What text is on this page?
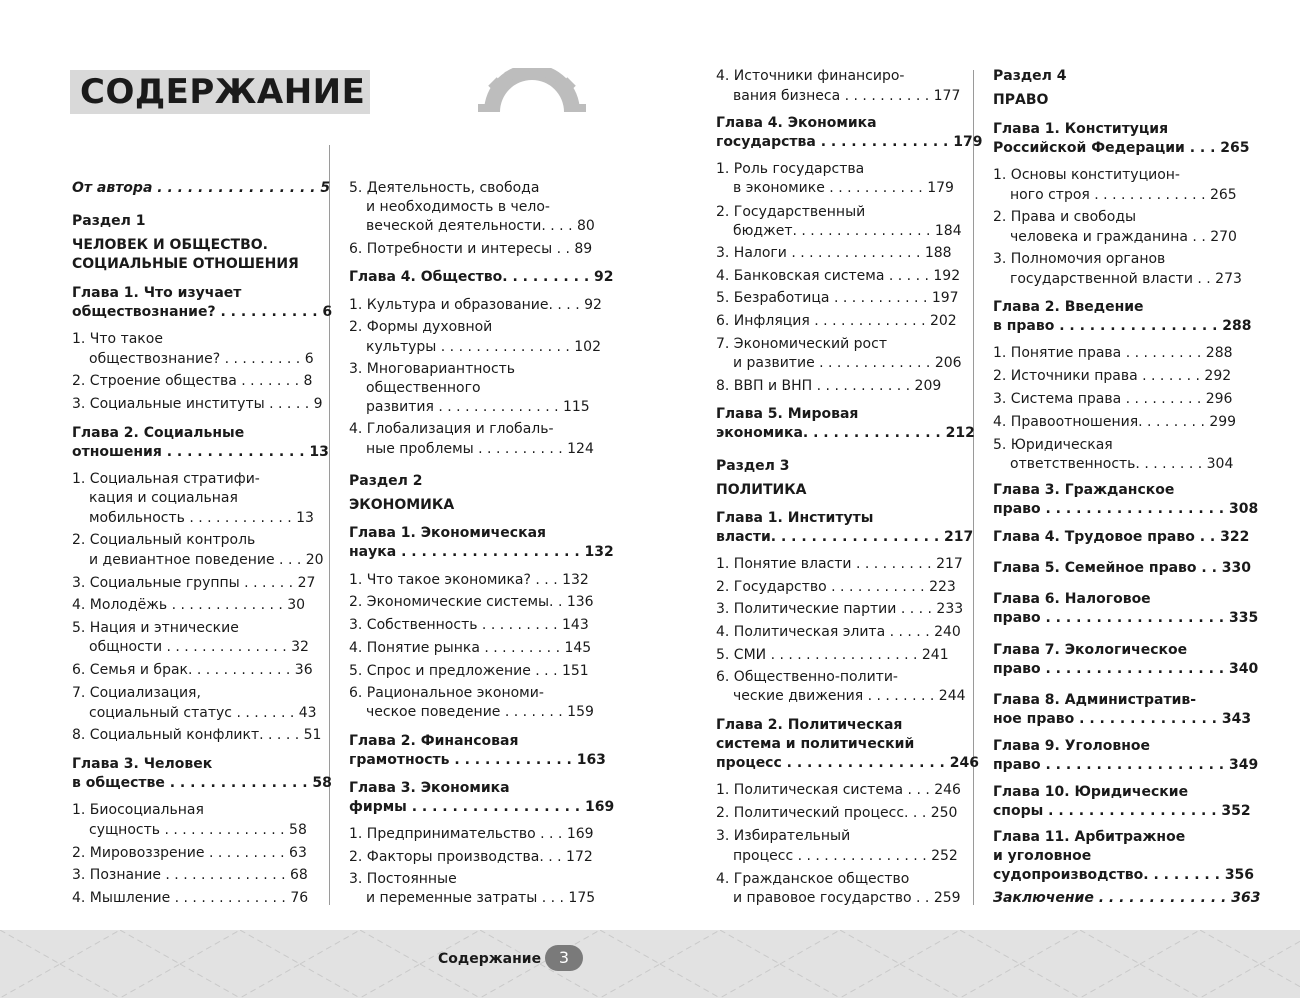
СОДЕРЖАНИЕ
От автора . . . . . . . . . . . . . . . . 5
Раздел 1
ЧЕЛОВЕК И ОБЩЕСТВО.
СОЦИАЛЬНЫЕ ОТНОШЕНИЯ
Глава 1. Что изучает
обществознание? . . . . . . . . . . 6
1. Что такое
обществознание? . . . . . . . . . 6
2. Строение общества . . . . . . . 8
3. Социальные институты . . . . . 9
Глава 2. Социальные
отношения . . . . . . . . . . . . . . 13
1. Социальная стратифи-
кация и социальная
мобильность . . . . . . . . . . . . 13
2. Социальный контроль
и девиантное поведение . . . 20
3. Социальные группы . . . . . . 27
4. Молодёжь . . . . . . . . . . . . . 30
5. Нация и этнические
общности . . . . . . . . . . . . . . 32
6. Семья и брак. . . . . . . . . . . . 36
7. Социализация,
социальный статус . . . . . . . 43
8. Социальный конфликт. . . . . 51
Глава 3. Человек
в обществе . . . . . . . . . . . . . . 58
1. Биосоциальная
сущность . . . . . . . . . . . . . . 58
2. Мировоззрение . . . . . . . . . 63
3. Познание . . . . . . . . . . . . . . 68
4. Мышление . . . . . . . . . . . . . 76
5. Деятельность, свобода
и необходимость в чело-
веческой деятельности. . . . 80
6. Потребности и интересы . . 89
Глава 4. Общество. . . . . . . . . 92
1. Культура и образование. . . . 92
2. Формы духовной
культуры . . . . . . . . . . . . . . . 102
3. Многовариантность
общественного
развития . . . . . . . . . . . . . . 115
4. Глобализация и глобаль-
ные проблемы . . . . . . . . . . 124
Раздел 2
ЭКОНОМИКА
Глава 1. Экономическая
наука . . . . . . . . . . . . . . . . . . 132
1. Что такое экономика? . . . 132
2. Экономические системы. . 136
3. Собственность . . . . . . . . . 143
4. Понятие рынка . . . . . . . . . 145
5. Спрос и предложение . . . 151
6. Рациональное экономи-
ческое поведение . . . . . . . 159
Глава 2. Финансовая
грамотность . . . . . . . . . . . . 163
Глава 3. Экономика
фирмы . . . . . . . . . . . . . . . . . 169
1. Предпринимательство . . . 169
2. Факторы производства. . . 172
3. Постоянные
и переменные затраты . . . 175
4. Источники финансиро-
вания бизнеса . . . . . . . . . . 177
Глава 4. Экономика
государства . . . . . . . . . . . . . 179
1. Роль государства
в экономике . . . . . . . . . . . 179
2. Государственный
бюджет. . . . . . . . . . . . . . . . 184
3. Налоги . . . . . . . . . . . . . . . 188
4. Банковская система . . . . . 192
5. Безработица . . . . . . . . . . . 197
6. Инфляция . . . . . . . . . . . . . 202
7. Экономический рост
и развитие . . . . . . . . . . . . . 206
8. ВВП и ВНП . . . . . . . . . . . 209
Глава 5. Мировая
экономика. . . . . . . . . . . . . . 212
Раздел 3
ПОЛИТИКА
Глава 1. Институты
власти. . . . . . . . . . . . . . . . . 217
1. Понятие власти . . . . . . . . . 217
2. Государство . . . . . . . . . . . 223
3. Политические партии . . . . 233
4. Политическая элита . . . . . 240
5. СМИ . . . . . . . . . . . . . . . . . 241
6. Общественно-полити-
ческие движения . . . . . . . . 244
Глава 2. Политическая
система и политический
процесс . . . . . . . . . . . . . . . . 246
1. Политическая система . . . 246
2. Политический процесс. . . 250
3. Избирательный
процесс . . . . . . . . . . . . . . . 252
4. Гражданское общество
и правовое государство . . 259
Раздел 4
ПРАВО
Глава 1. Конституция
Российской Федерации . . . 265
1. Основы конституцион-
ного строя . . . . . . . . . . . . . 265
2. Права и свободы
человека и гражданина . . 270
3. Полномочия органов
государственной власти . . 273
Глава 2. Введение
в право . . . . . . . . . . . . . . . . 288
1. Понятие права . . . . . . . . . 288
2. Источники права . . . . . . . 292
3. Система права . . . . . . . . . 296
4. Правоотношения. . . . . . . . 299
5. Юридическая
ответственность. . . . . . . . 304
Глава 3. Гражданское
право . . . . . . . . . . . . . . . . . . 308
Глава 4. Трудовое право . . 322
Глава 5. Семейное право . . 330
Глава 6. Налоговое
право . . . . . . . . . . . . . . . . . . 335
Глава 7. Экологическое
право . . . . . . . . . . . . . . . . . . 340
Глава 8. Административ-
ное право . . . . . . . . . . . . . . 343
Глава 9. Уголовное
право . . . . . . . . . . . . . . . . . . 349
Глава 10. Юридические
споры . . . . . . . . . . . . . . . . . 352
Глава 11. Арбитражное
и уголовное
судопроизводство. . . . . . . . 356
Заключение . . . . . . . . . . . . . 363
Содержание	3
